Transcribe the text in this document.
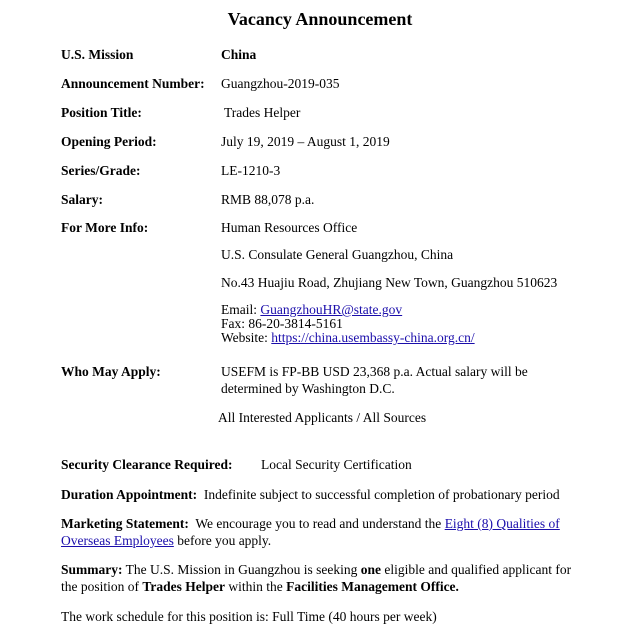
Vacancy Announcement
U.S. Mission	China
Announcement Number: Guangzhou-2019-035
Position Title:	Trades Helper
Opening Period:	July 19, 2019 – August 1, 2019
Series/Grade:	LE-1210-3
Salary:	RMB 88,078 p.a.
For More Info:	Human Resources Office
U.S. Consulate General Guangzhou, China
No.43 Huajiu Road, Zhujiang New Town, Guangzhou 510623
Email: GuangzhouHR@state.gov
Fax: 86-20-3814-5161
Website: https://china.usembassy-china.org.cn/
Who May Apply:	USEFM is FP-BB USD 23,368 p.a. Actual salary will be
determined by Washington D.C.
All Interested Applicants / All Sources
Security Clearance Required: Local Security Certification
Duration Appointment: Indefinite subject to successful completion of probationary period
Marketing Statement: We encourage you to read and understand the Eight (8) Qualities of
Overseas Employees before you apply.
Summary: The U.S. Mission in Guangzhou is seeking one eligible and qualified applicant for
the position of Trades Helper within the Facilities Management Office.
The work schedule for this position is: Full Time (40 hours per week)
